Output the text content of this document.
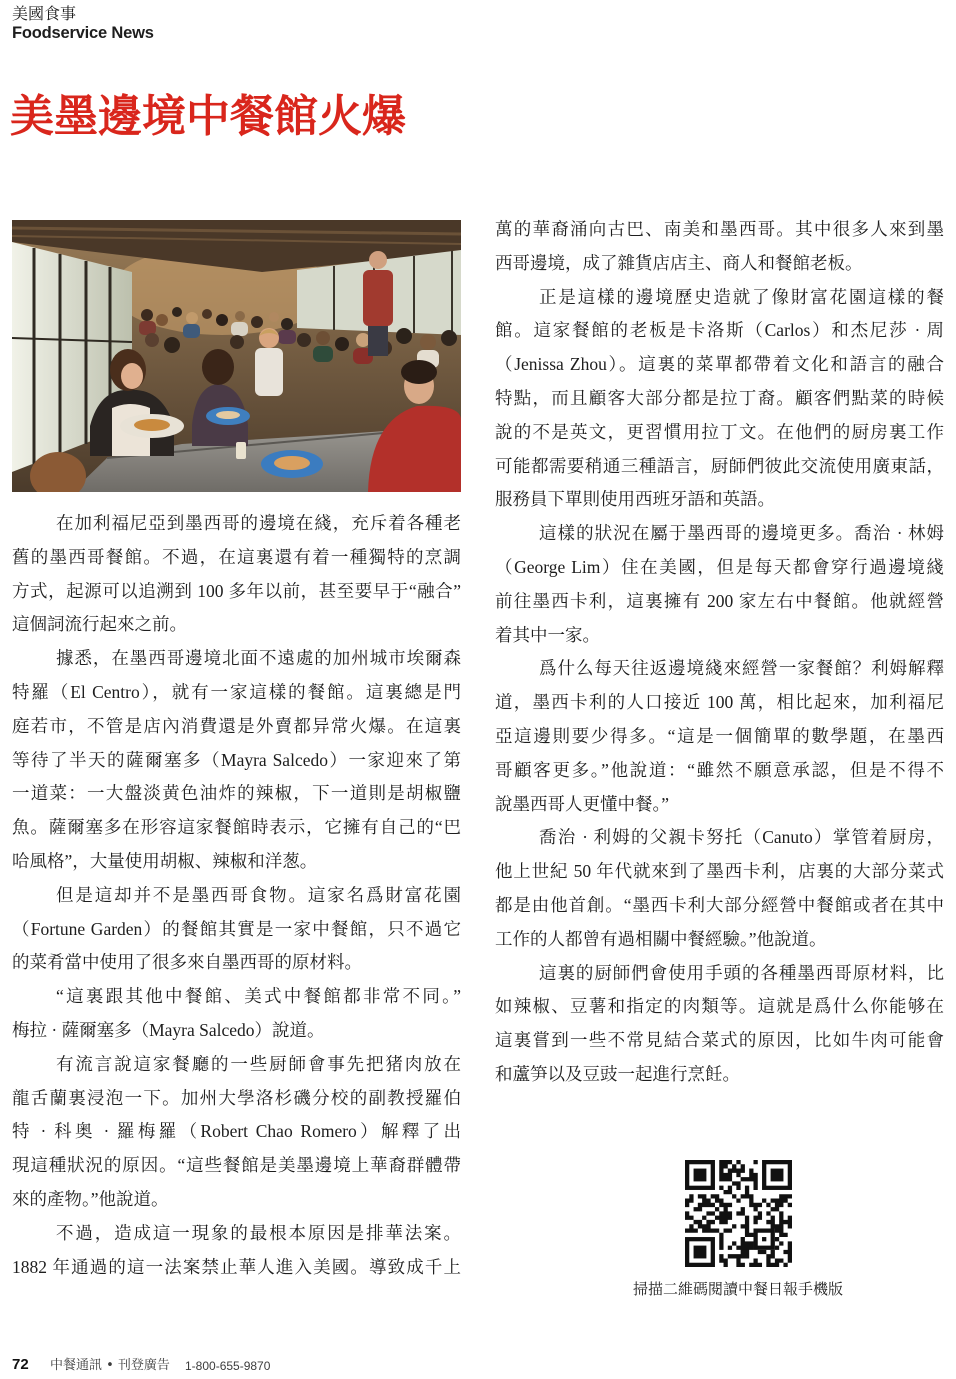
美國食事
Foodservice News
美墨邊境中餐館火爆
在加利福尼亞到墨西哥的邊境在綫，充斥着各種老
舊的墨西哥餐館。不過，在這裏還有着一種獨特的烹調
方式，起源可以追溯到 100 多年以前，甚至要早于“融合”
這個詞流行起來之前。
據悉，在墨西哥邊境北面不遠處的加州城市埃爾森
特羅（El Centro），就有一家這樣的餐館。這裏總是門
庭若市，不管是店內消費還是外賣都异常火爆。在這裏
等待了半天的薩爾塞多（Mayra Salcedo）一家迎來了第
一道菜：一大盤淡黄色油炸的辣椒，下一道則是胡椒鹽
魚。薩爾塞多在形容這家餐館時表示，它擁有自己的“巴
哈風格”，大量使用胡椒、辣椒和洋葱。
但是這却并不是墨西哥食物。這家名爲財富花園
（Fortune Garden）的餐館其實是一家中餐館，只不過它
的菜肴當中使用了很多來自墨西哥的原材料。
“這裏跟其他中餐館、美式中餐館都非常不同。”
梅拉 · 薩爾塞多（Mayra Salcedo）說道。
有流言說這家餐廳的一些厨師會事先把猪肉放在
龍舌蘭裏浸泡一下。加州大學洛杉磯分校的副教授羅伯
特 · 科奥 · 羅梅羅（Robert Chao Romero）解釋了出
現這種狀況的原因。“這些餐館是美墨邊境上華裔群體帶
來的產物。”他說道。
不過，造成這一現象的最根本原因是排華法案。
1882 年通過的這一法案禁止華人進入美國。導致成千上
萬的華裔涌向古巴、南美和墨西哥。其中很多人來到墨
西哥邊境，成了雜貨店店主、商人和餐館老板。
正是這樣的邊境歷史造就了像財富花園這樣的餐
館。這家餐館的老板是卡洛斯（Carlos）和杰尼莎 · 周
（Jenissa Zhou）。這裏的菜單都帶着文化和語言的融合
特點，而且顧客大部分都是拉丁裔。顧客們點菜的時候
說的不是英文，更習慣用拉丁文。在他們的厨房裏工作
可能都需要稍通三種語言，厨師們彼此交流使用廣東話，
服務員下單則使用西班牙語和英語。
這樣的狀況在屬于墨西哥的邊境更多。喬治 · 林姆
（George Lim）住在美國，但是每天都會穿行過邊境綫
前往墨西卡利，這裏擁有 200 家左右中餐館。他就經營
着其中一家。
爲什么每天往返邊境綫來經營一家餐館？利姆解釋
道，墨西卡利的人口接近 100 萬，相比起來，加利福尼
亞這邊則要少得多。“這是一個簡單的數學題，在墨西
哥顧客更多。”他說道：“雖然不願意承認，但是不得不
說墨西哥人更懂中餐。”
喬治 · 利姆的父親卡努托（Canuto）掌管着厨房，
他上世紀 50 年代就來到了墨西卡利，店裏的大部分菜式
都是由他首創。“墨西卡利大部分經營中餐館或者在其中
工作的人都曾有過相關中餐經驗。”他說道。
這裏的厨師們會使用手頭的各種墨西哥原材料，比
如辣椒、豆薯和指定的肉類等。這就是爲什么你能够在
這裏嘗到一些不常見結合菜式的原因，比如牛肉可能會
和蘆笋以及豆豉一起進行烹飪。
掃描二維碼閱讀中餐日報手機版
72 中餐通訊 • 刊登廣告 1-800-655-9870
